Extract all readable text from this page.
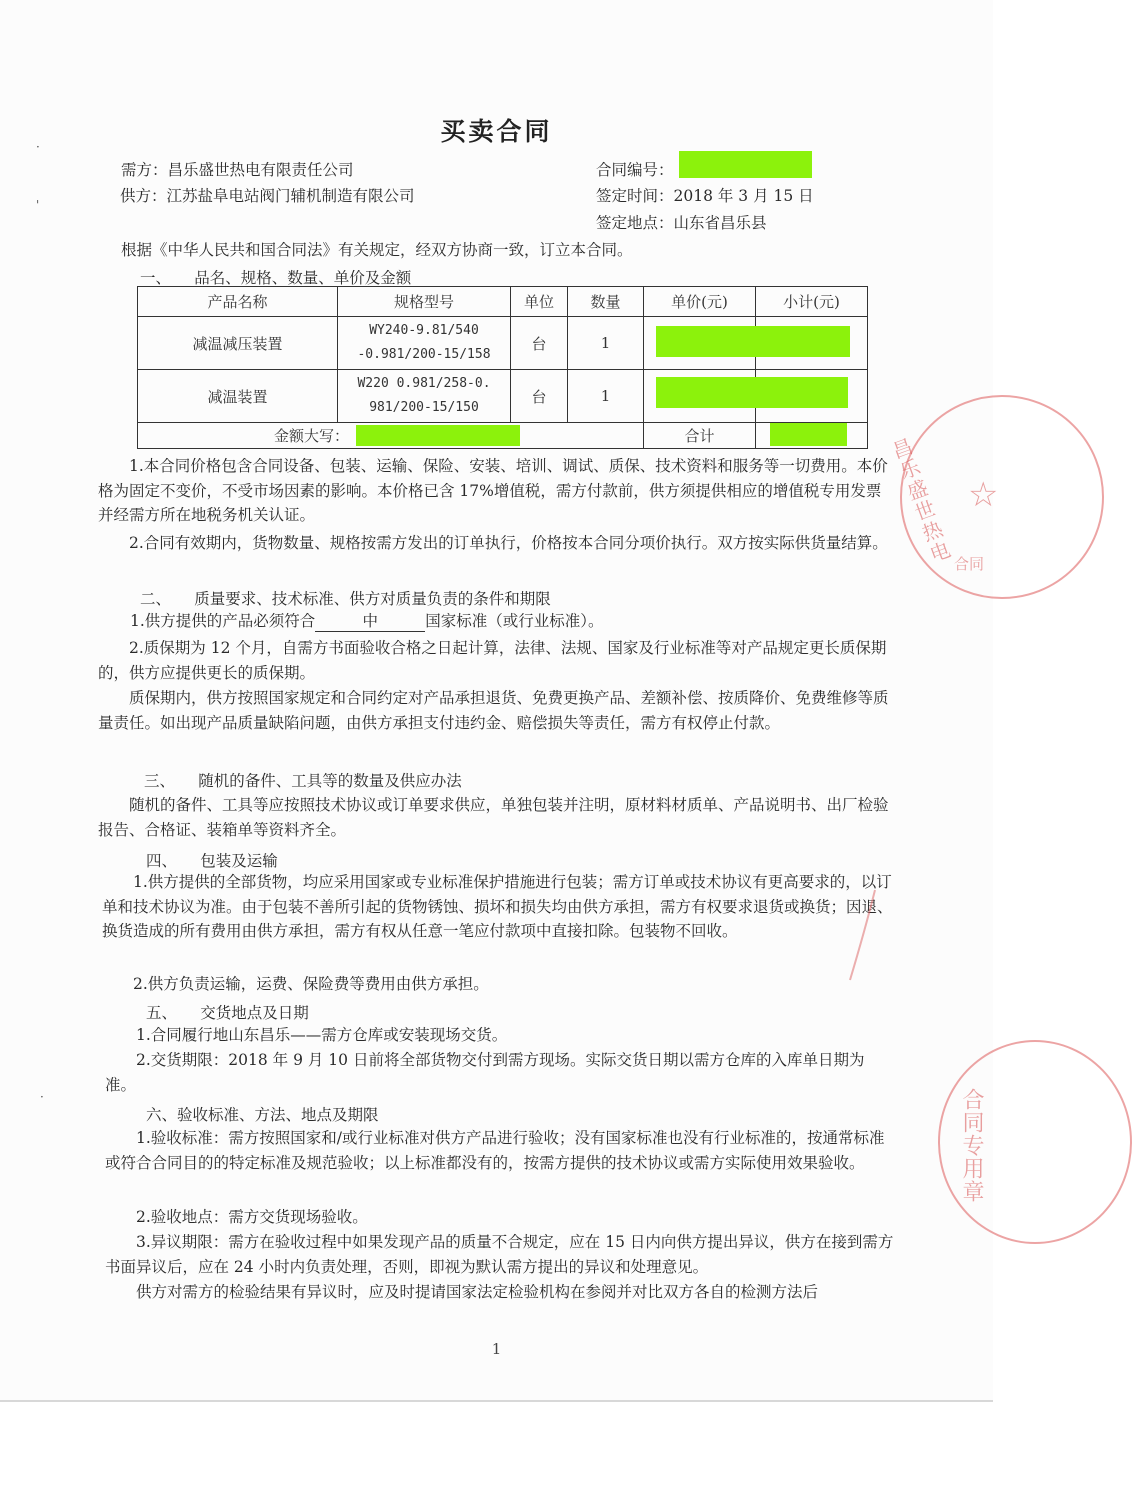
买卖合同
需方：昌乐盛世热电有限责任公司	合同编号：
供方：江苏盐阜电站阀门辅机制造有限公司	签定时间：2018 年 3 月 15 日
签定地点：山东省昌乐县
根据《中华人民共和国合同法》有关规定，经双方协商一致，订立本合同。
一、　　品名、规格、数量、单价及金额
产品名称	规格型号	单位	数量	单价(元)	小计(元)
减温减压装置	WY240-9.81/540
-0.981/200-15/158	台	1		
减温装置	W220 0.981/258-0.
981/200-15/150	台	1		
金额大写：				合计	
1.本合同价格包含合同设备、包装、运输、保险、安装、培训、调试、质保、技术资料和服务等一切费用。本价格为固定不变价，不受市场因素的影响。本价格已含 17%增值税，需方付款前，供方须提供相应的增值税专用发票并经需方所在地税务机关认证。
2.合同有效期内，货物数量、规格按需方发出的订单执行，价格按本合同分项价执行。双方按实际供货量结算。
二、　　质量要求、技术标准、供方对质量负责的条件和期限
1.供方提供的产品必须符合	中	国家标准（或行业标准）。
2.质保期为 12 个月，自需方书面验收合格之日起计算，法律、法规、国家及行业标准等对产品规定更长质保期的，供方应提供更长的质保期。
质保期内，供方按照国家规定和合同约定对产品承担退货、免费更换产品、差额补偿、按质降价、免费维修等质量责任。如出现产品质量缺陷问题，由供方承担支付违约金、赔偿损失等责任，需方有权停止付款。
三、　　随机的备件、工具等的数量及供应办法
随机的备件、工具等应按照技术协议或订单要求供应，单独包装并注明，原材料材质单、产品说明书、出厂检验报告、合格证、装箱单等资料齐全。
四、　　包装及运输
1.供方提供的全部货物，均应采用国家或专业标准保护措施进行包装；需方订单或技术协议有更高要求的，以订单和技术协议为准。由于包装不善所引起的货物锈蚀、损坏和损失均由供方承担，需方有权要求退货或换货；因退、换货造成的所有费用由供方承担，需方有权从任意一笔应付款项中直接扣除。包装物不回收。
2.供方负责运输，运费、保险费等费用由供方承担。
五、　　交货地点及日期
1.合同履行地山东昌乐——需方仓库或安装现场交货。
2.交货期限：2018 年 9 月 10 日前将全部货物交付到需方现场。实际交货日期以需方仓库的入库单日期为准。
六、验收标准、方法、地点及期限
1.验收标准：需方按照国家和/或行业标准对供方产品进行验收；没有国家标准也没有行业标准的，按通常标准或符合合同目的的特定标准及规范验收；以上标准都没有的，按需方提供的技术协议或需方实际使用效果验收。
2.验收地点：需方交货现场验收。
3.异议期限：需方在验收过程中如果发现产品的质量不合规定，应在 15 日内向供方提出异议，供方在接到需方书面异议后，应在 24 小时内负责处理，否则，即视为默认需方提出的异议和处理意见。
供方对需方的检验结果有异议时，应及时提请国家法定检验机构在参阅并对比双方各自的检测方法后
1
·
'
·
☆
昌乐盛世热电 合同
合同专用章
